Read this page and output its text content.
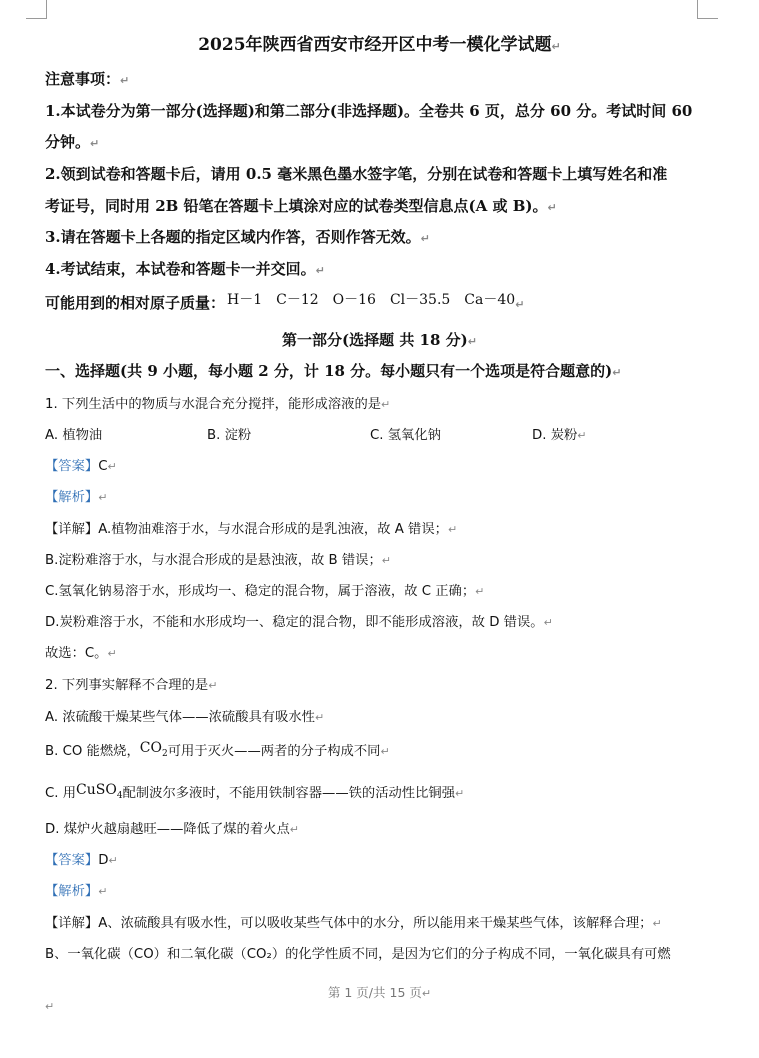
2025年陕西省西安市经开区中考一模化学试题↵
注意事项：↵
1.本试卷分为第一部分(选择题)和第二部分(非选择题)。全卷共 6 页，总分 60 分。考试时间 60
分钟。↵
2.领到试卷和答题卡后，请用 0.5 毫米黑色墨水签字笔，分别在试卷和答题卡上填写姓名和准
考证号，同时用 2B 铅笔在答题卡上填涂对应的试卷类型信息点(A 或 B)。↵
3.请在答题卡上各题的指定区域内作答，否则作答无效。↵
4.考试结束，本试卷和答题卡一并交回。↵
可能用到的相对原子质量： H－1　C－12　O－16　Cl－35.5　Ca－40↵
第一部分(选择题 共 18 分)↵
一、选择题(共 9 小题，每小题 2 分，计 18 分。每小题只有一个选项是符合题意的)↵
1. 下列生活中的物质与水混合充分搅拌，能形成溶液的是↵
A. 植物油	B. 淀粉	C. 氢氧化钠	D. 炭粉↵
【答案】C↵
【解析】↵
【详解】A.植物油难溶于水，与水混合形成的是乳浊液，故 A 错误；↵
B.淀粉难溶于水，与水混合形成的是悬浊液，故 B 错误；↵
C.氢氧化钠易溶于水，形成均一、稳定的混合物，属于溶液，故 C 正确；↵
D.炭粉难溶于水，不能和水形成均一、稳定的混合物，即不能形成溶液，故 D 错误。↵
故选：C。↵
2. 下列事实解释不合理的是↵
A. 浓硫酸干燥某些气体——浓硫酸具有吸水性↵
B. CO 能燃烧，$CO_2$可用于灭火——两者的分子构成不同↵
C. 用CuSO$_4$配制波尔多液时，不能用铁制容器——铁的活动性比铜强↵
D. 煤炉火越扇越旺——降低了煤的着火点↵
【答案】D↵
【解析】↵
【详解】A、浓硫酸具有吸水性，可以吸收某些气体中的水分，所以能用来干燥某些气体，该解释合理；↵
B、一氧化碳（CO）和二氧化碳（CO₂）的化学性质不同，是因为它们的分子构成不同，一氧化碳具有可燃
第 1 页/共 15 页↵
↵
